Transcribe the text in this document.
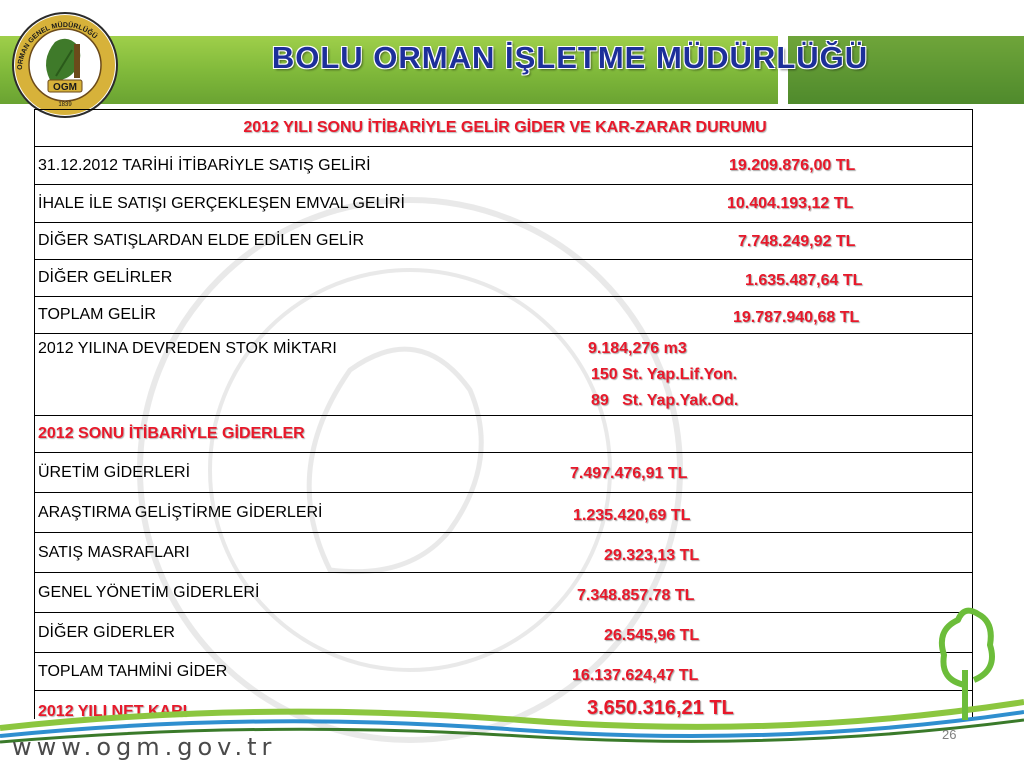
OGM
1839
ORMAN GENEL MÜDÜRLÜĞÜ
BOLU ORMAN İŞLETME MÜDÜRLÜĞÜ
2012 YILI SONU İTİBARİYLE GELİR GİDER VE KAR-ZARAR DURUMU
31.12.2012 TARİHİ İTİBARİYLE SATIŞ GELİRİ	19.209.876,00 TL

İHALE İLE SATIŞI GERÇEKLEŞEN EMVAL GELİRİ	10.404.193,12 TL

DİĞER SATIŞLARDAN ELDE EDİLEN GELİR	7.748.249,92 TL

DİĞER GELİRLER	1.635.487,64 TL

TOPLAM GELİR	19.787.940,68 TL

2012 YILINA DEVREDEN STOK MİKTARI	9.184,276 m3
150 St. Yap.Lif.Yon.
89   St. Yap.Yak.Od.

2012 SONU İTİBARİYLE GİDERLER
ÜRETİM GİDERLERİ	7.497.476,91 TL

ARAŞTIRMA GELİŞTİRME GİDERLERİ	1.235.420,69 TL

SATIŞ MASRAFLARI	29.323,13 TL

GENEL YÖNETİM GİDERLERİ	7.348.857.78 TL

DİĞER GİDERLER	26.545,96 TL

TOPLAM TAHMİNİ GİDER	16.137.624,47 TL

2012 YILI NET KARI	3.650.316,21 TL
www.ogm.gov.tr	26
